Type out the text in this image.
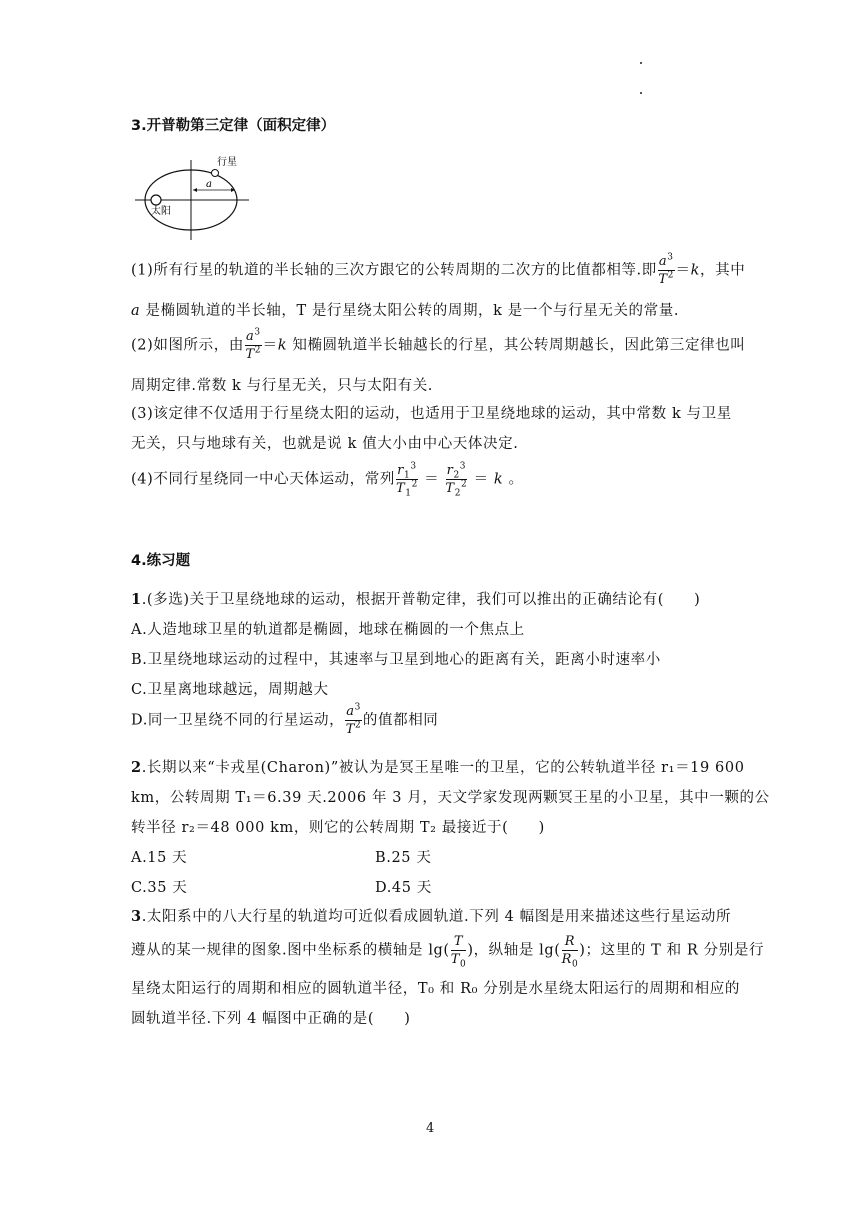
3.开普勒第三定律（面积定律）
行星
a
太阳
(1)所有行星的轨道的半长轴的三次方跟它的公转周期的二次方的比值都相等.即 $\frac{a^3}{T^2} =k$，其中
a 是椭圆轨道的半长轴，T 是行星绕太阳公转的周期，k 是一个与行星无关的常量.
(2)如图所示，由 $\frac{a^3}{T^2} =k$ 知椭圆轨道半长轴越长的行星，其公转周期越长，因此第三定律也叫
周期定律.常数 k 与行星无关，只与太阳有关.
(3)该定律不仅适用于行星绕太阳的运动，也适用于卫星绕地球的运动，其中常数 k 与卫星
无关，只与地球有关，也就是说 k 值大小由中心天体决定.
(4)不同行星绕同一中心天体运动，常列 $\frac{r_1^3}{T_1^2} = \frac{r_2^3}{T_2^2} = k$ 。
4.练习题
1.(多选)关于卫星绕地球的运动，根据开普勒定律，我们可以推出的正确结论有(　　)
A.人造地球卫星的轨道都是椭圆，地球在椭圆的一个焦点上
B.卫星绕地球运动的过程中，其速率与卫星到地心的距离有关，距离小时速率小
C.卫星离地球越远，周期越大
D.同一卫星绕不同的行星运动， $\frac{a^3}{T^2}$ 的值都相同
2.长期以来“卡戎星(Charon)”被认为是冥王星唯一的卫星，它的公转轨道半径 r₁＝19 600
km，公转周期 T₁＝6.39 天.2006 年 3 月，天文学家发现两颗冥王星的小卫星，其中一颗的公
转半径 r₂＝48 000 km，则它的公转周期 T₂ 最接近于(　　)
A.15 天	B.25 天
C.35 天	D.45 天
3.太阳系中的八大行星的轨道均可近似看成圆轨道.下列 4 幅图是用来描述这些行星运动所
遵从的某一规律的图象.图中坐标系的横轴是 $\lg( \frac{T}{T_0}$ )，纵轴是 $\lg( \frac{R}{R_0}$ )；这里的 T 和 R 分别是行
星绕太阳运行的周期和相应的圆轨道半径，T₀ 和 R₀ 分别是水星绕太阳运行的周期和相应的
圆轨道半径.下列 4 幅图中正确的是(　　)
4
